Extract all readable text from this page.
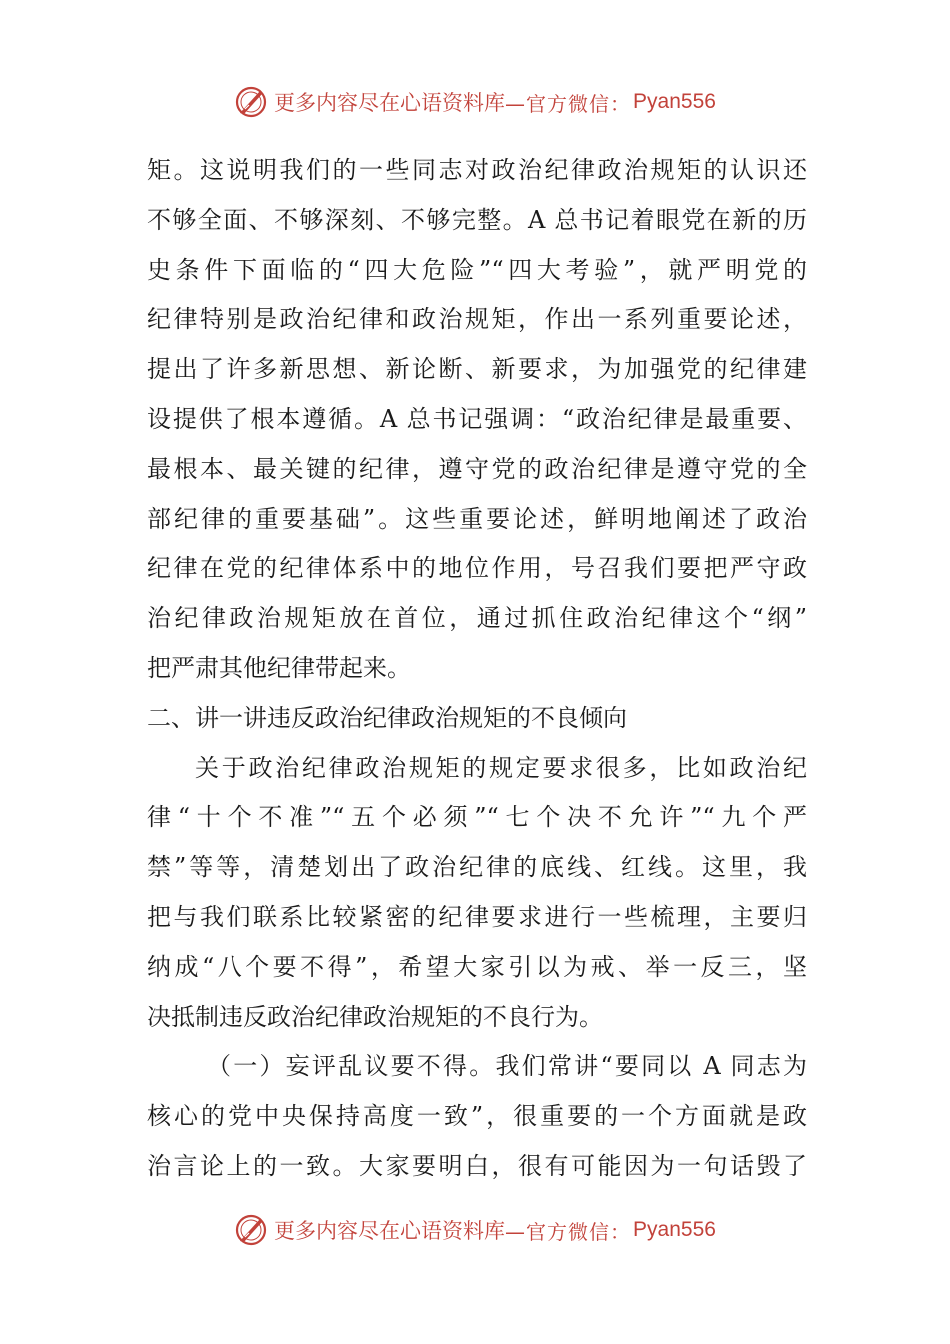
更多内容尽在心语资料库 —官方微信： Pyan556
矩。这说明我们的一些同志对政治纪律政治规矩的认识还
不够全面、不够深刻、不够完整。A 总书记着眼党在新的历
史条件下面临的“四大危险”“四大考验”，就严明党的
纪律特别是政治纪律和政治规矩，作出一系列重要论述，
提出了许多新思想、新论断、新要求，为加强党的纪律建
设提供了根本遵循。A 总书记强调：“政治纪律是最重要、
最根本、最关键的纪律，遵守党的政治纪律是遵守党的全
部纪律的重要基础”。这些重要论述，鲜明地阐述了政治
纪律在党的纪律体系中的地位作用，号召我们要把严守政
治纪律政治规矩放在首位，通过抓住政治纪律这个“纲”
把严肃其他纪律带起来。
二、讲一讲违反政治纪律政治规矩的不良倾向
关于政治纪律政治规矩的规定要求很多，比如政治纪
律“十个不准”“五个必须”“七个决不允许”“九个严
禁”等等，清楚划出了政治纪律的底线、红线。这里，我
把与我们联系比较紧密的纪律要求进行一些梳理，主要归
纳成“八个要不得”，希望大家引以为戒、举一反三，坚
决抵制违反政治纪律政治规矩的不良行为。
（一）妄评乱议要不得。我们常讲“要同以 A 同志为
核心的党中央保持高度一致”，很重要的一个方面就是政
治言论上的一致。大家要明白，很有可能因为一句话毁了
更多内容尽在心语资料库 —官方微信： Pyan556
